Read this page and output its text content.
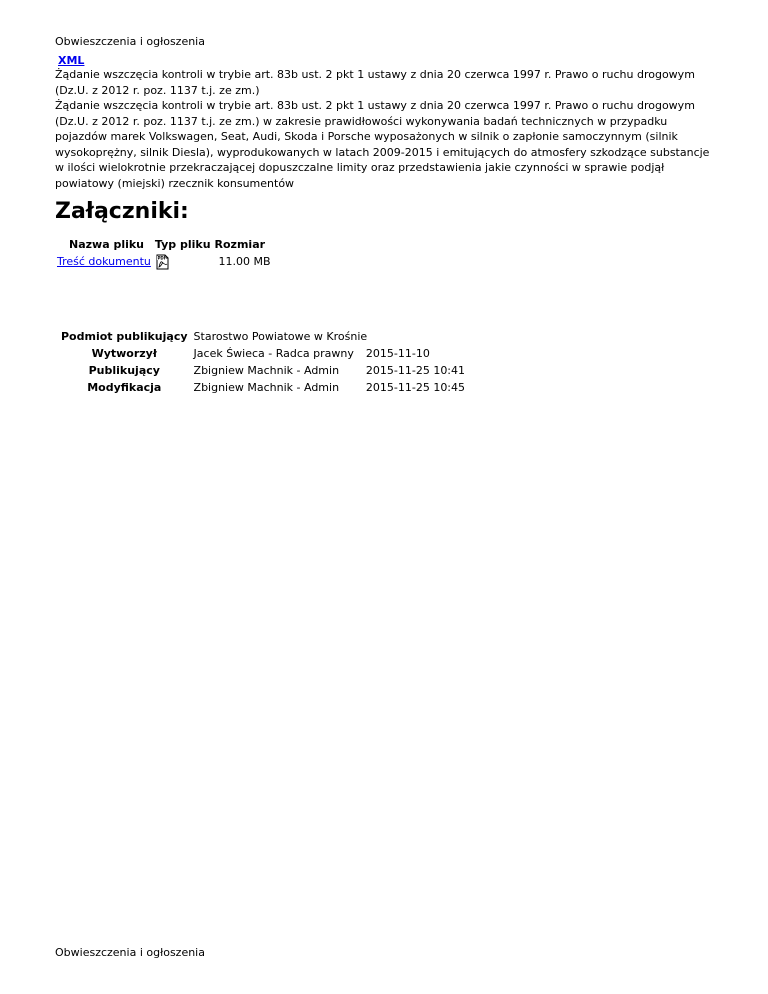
Obwieszczenia i ogłoszenia
XML
Żądanie wszczęcia kontroli w trybie art. 83b ust. 2 pkt 1 ustawy z dnia 20 czerwca 1997 r. Prawo o ruchu drogowym (Dz.U. z 2012 r. poz. 1137 t.j. ze zm.)
Żądanie wszczęcia kontroli w trybie art. 83b ust. 2 pkt 1 ustawy z dnia 20 czerwca 1997 r. Prawo o ruchu drogowym (Dz.U. z 2012 r. poz. 1137 t.j. ze zm.) w zakresie prawidłowości wykonywania badań technicznych w przypadku pojazdów marek Volkswagen, Seat, Audi, Skoda i Porsche wyposażonych w silnik o zapłonie samoczynnym (silnik wysokoprężny, silnik Diesla), wyprodukowanych w latach 2009-2015 i emitujących do atmosfery szkodzące substancje w ilości wielokrotnie przekraczającej dopuszczalne limity oraz przedstawienia jakie czynności w sprawie podjął powiatowy (miejski) rzecznik konsumentów
Załączniki:
Nazwa pliku	Typ pliku	Rozmiar
Treść dokumentu	PDF	11.00 MB
Podmiot publikujący	Starostwo Powiatowe w Krośnie	
Wytworzył	Jacek Świeca - Radca prawny	2015-11-10
Publikujący	Zbigniew Machnik - Admin	2015-11-25 10:41
Modyfikacja	Zbigniew Machnik - Admin	2015-11-25 10:45
Obwieszczenia i ogłoszenia
